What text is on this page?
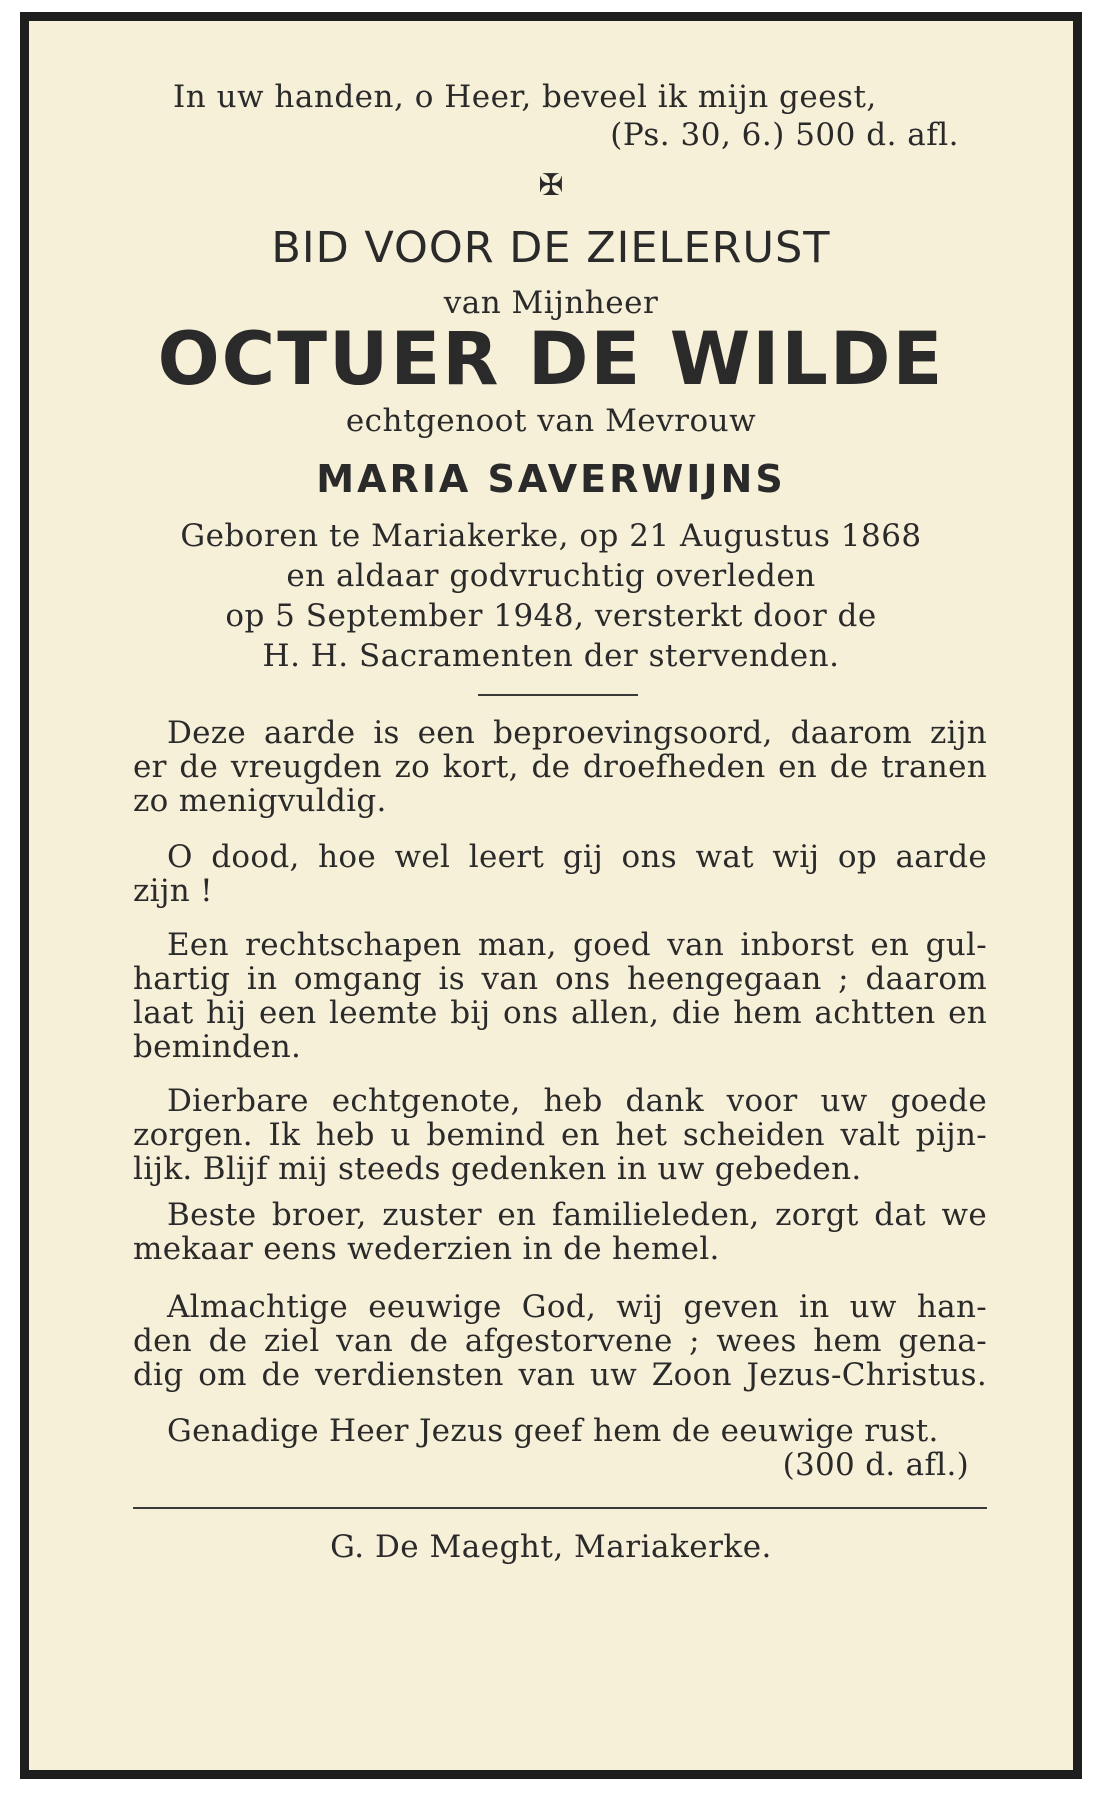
In uw handen, o Heer, beveel ik mijn geest,
(Ps. 30, 6.) 500 d. afl.
✠
BID VOOR DE ZIELERUST
van Mijnheer
OCTUER DE WILDE
echtgenoot van Mevrouw
MARIA SAVERWIJNS
Geboren te Mariakerke, op 21 Augustus 1868
en aldaar godvruchtig overleden
op 5 September 1948, versterkt door de
H. H. Sacramenten der stervenden.
Deze aarde is een beproevingsoord, daarom zijn
er de vreugden zo kort, de droefheden en de tranen
zo menigvuldig.
O dood, hoe wel leert gij ons wat wij op aarde
zijn !
Een rechtschapen man, goed van inborst en gul-
hartig in omgang is van ons heengegaan ; daarom
laat hij een leemte bij ons allen, die hem achtten en
beminden.
Dierbare echtgenote, heb dank voor uw goede
zorgen. Ik heb u bemind en het scheiden valt pijn-
lijk. Blijf mij steeds gedenken in uw gebeden.
Beste broer, zuster en familieleden, zorgt dat we
mekaar eens wederzien in de hemel.
Almachtige eeuwige God, wij geven in uw han-
den de ziel van de afgestorvene ; wees hem gena-
dig om de verdiensten van uw Zoon Jezus-Christus.
Genadige Heer Jezus geef hem de eeuwige rust.
(300 d. afl.)
G. De Maeght, Mariakerke.
